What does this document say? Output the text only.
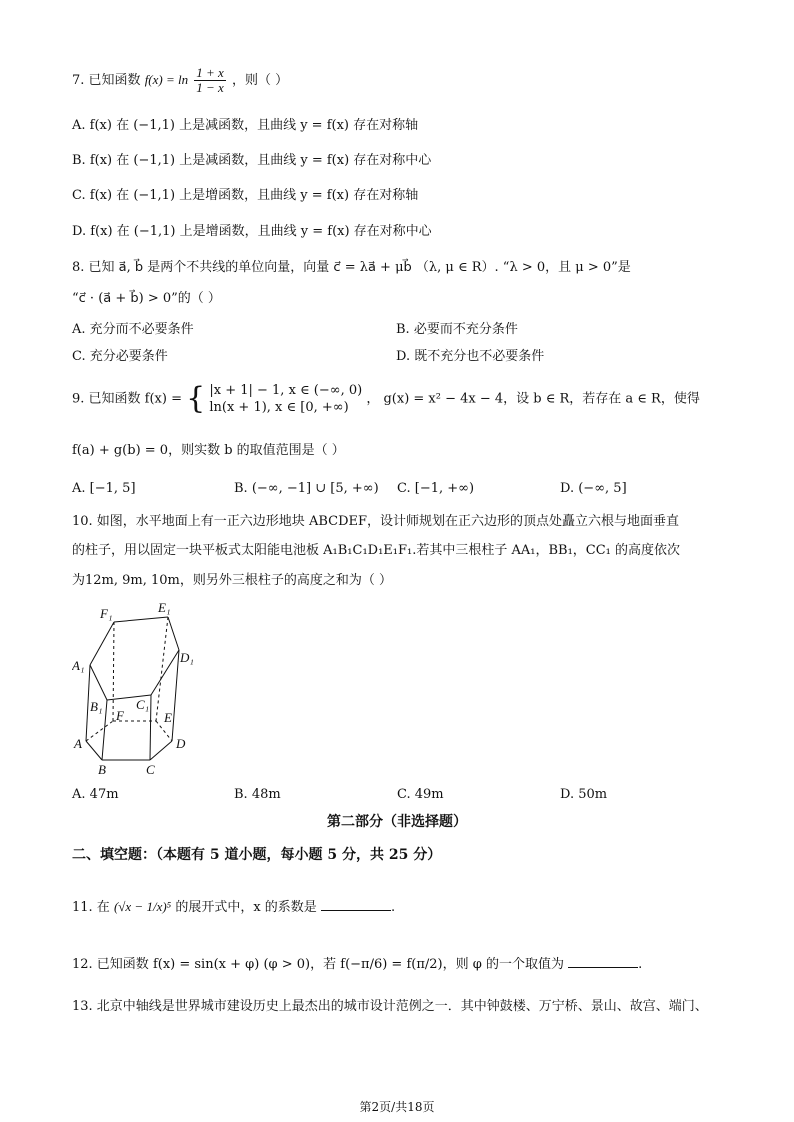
7. 已知函数 $f(x) = \ln \frac{1 + x}{1 - x}$ ，则（ ）
A. f(x) 在 (−1,1) 上是减函数，且曲线 y = f(x) 存在对称轴
B. f(x) 在 (−1,1) 上是减函数，且曲线 y = f(x) 存在对称中心
C. f(x) 在 (−1,1) 上是增函数，且曲线 y = f(x) 存在对称轴
D. f(x) 在 (−1,1) 上是增函数，且曲线 y = f(x) 存在对称中心
8. 已知 a⃗, b⃗ 是两个不共线的单位向量，向量 c⃗ = λa⃗ + μb⃗ （λ, μ ∈ R）. “λ > 0，且 μ > 0”是
“c⃗ · (a⃗ + b⃗) > 0”的（ ）
A. 充分而不必要条件	B. 必要而不充分条件
C. 充分必要条件	D. 既不充分也不必要条件
9. 已知函数 f(x) = { |x + 1| − 1, x ∈ (−∞, 0)
ln(x + 1), x ∈ [0, +∞)
， g(x) = x² − 4x − 4，设 b ∈ R，若存在 a ∈ R，使得
f(a) + g(b) = 0，则实数 b 的取值范围是（ ）
A. [−1, 5]	B. (−∞, −1] ∪ [5, +∞) C. [−1, +∞)	D. (−∞, 5]
10. 如图，水平地面上有一正六边形地块 ABCDEF，设计师规划在正六边形的顶点处矗立六根与地面垂直
的柱子，用以固定一块平板式太阳能电池板 A₁B₁C₁D₁E₁F₁.若其中三根柱子 AA₁，BB₁，CC₁ 的高度依次
为12m, 9m, 10m，则另外三根柱子的高度之和为（ ）
F₁	E₁
A₁
D₁
B₁	C₁
F	E
A	D
B	C
A. 47m	B. 48m	C. 49m	D. 50m
第二部分（非选择题）
二、填空题：（本题有 5 道小题，每小题 5 分，共 25 分）
11. 在 (√x − 1/x)⁵ 的展开式中，x 的系数是	.
12. 已知函数 f(x) = sin(x + φ) (φ > 0)，若 f(−π/6) = f(π/2)，则 φ 的一个取值为	.
13. 北京中轴线是世界城市建设历史上最杰出的城市设计范例之一．其中钟鼓楼、万宁桥、景山、故宫、端门、
第2页/共18页
